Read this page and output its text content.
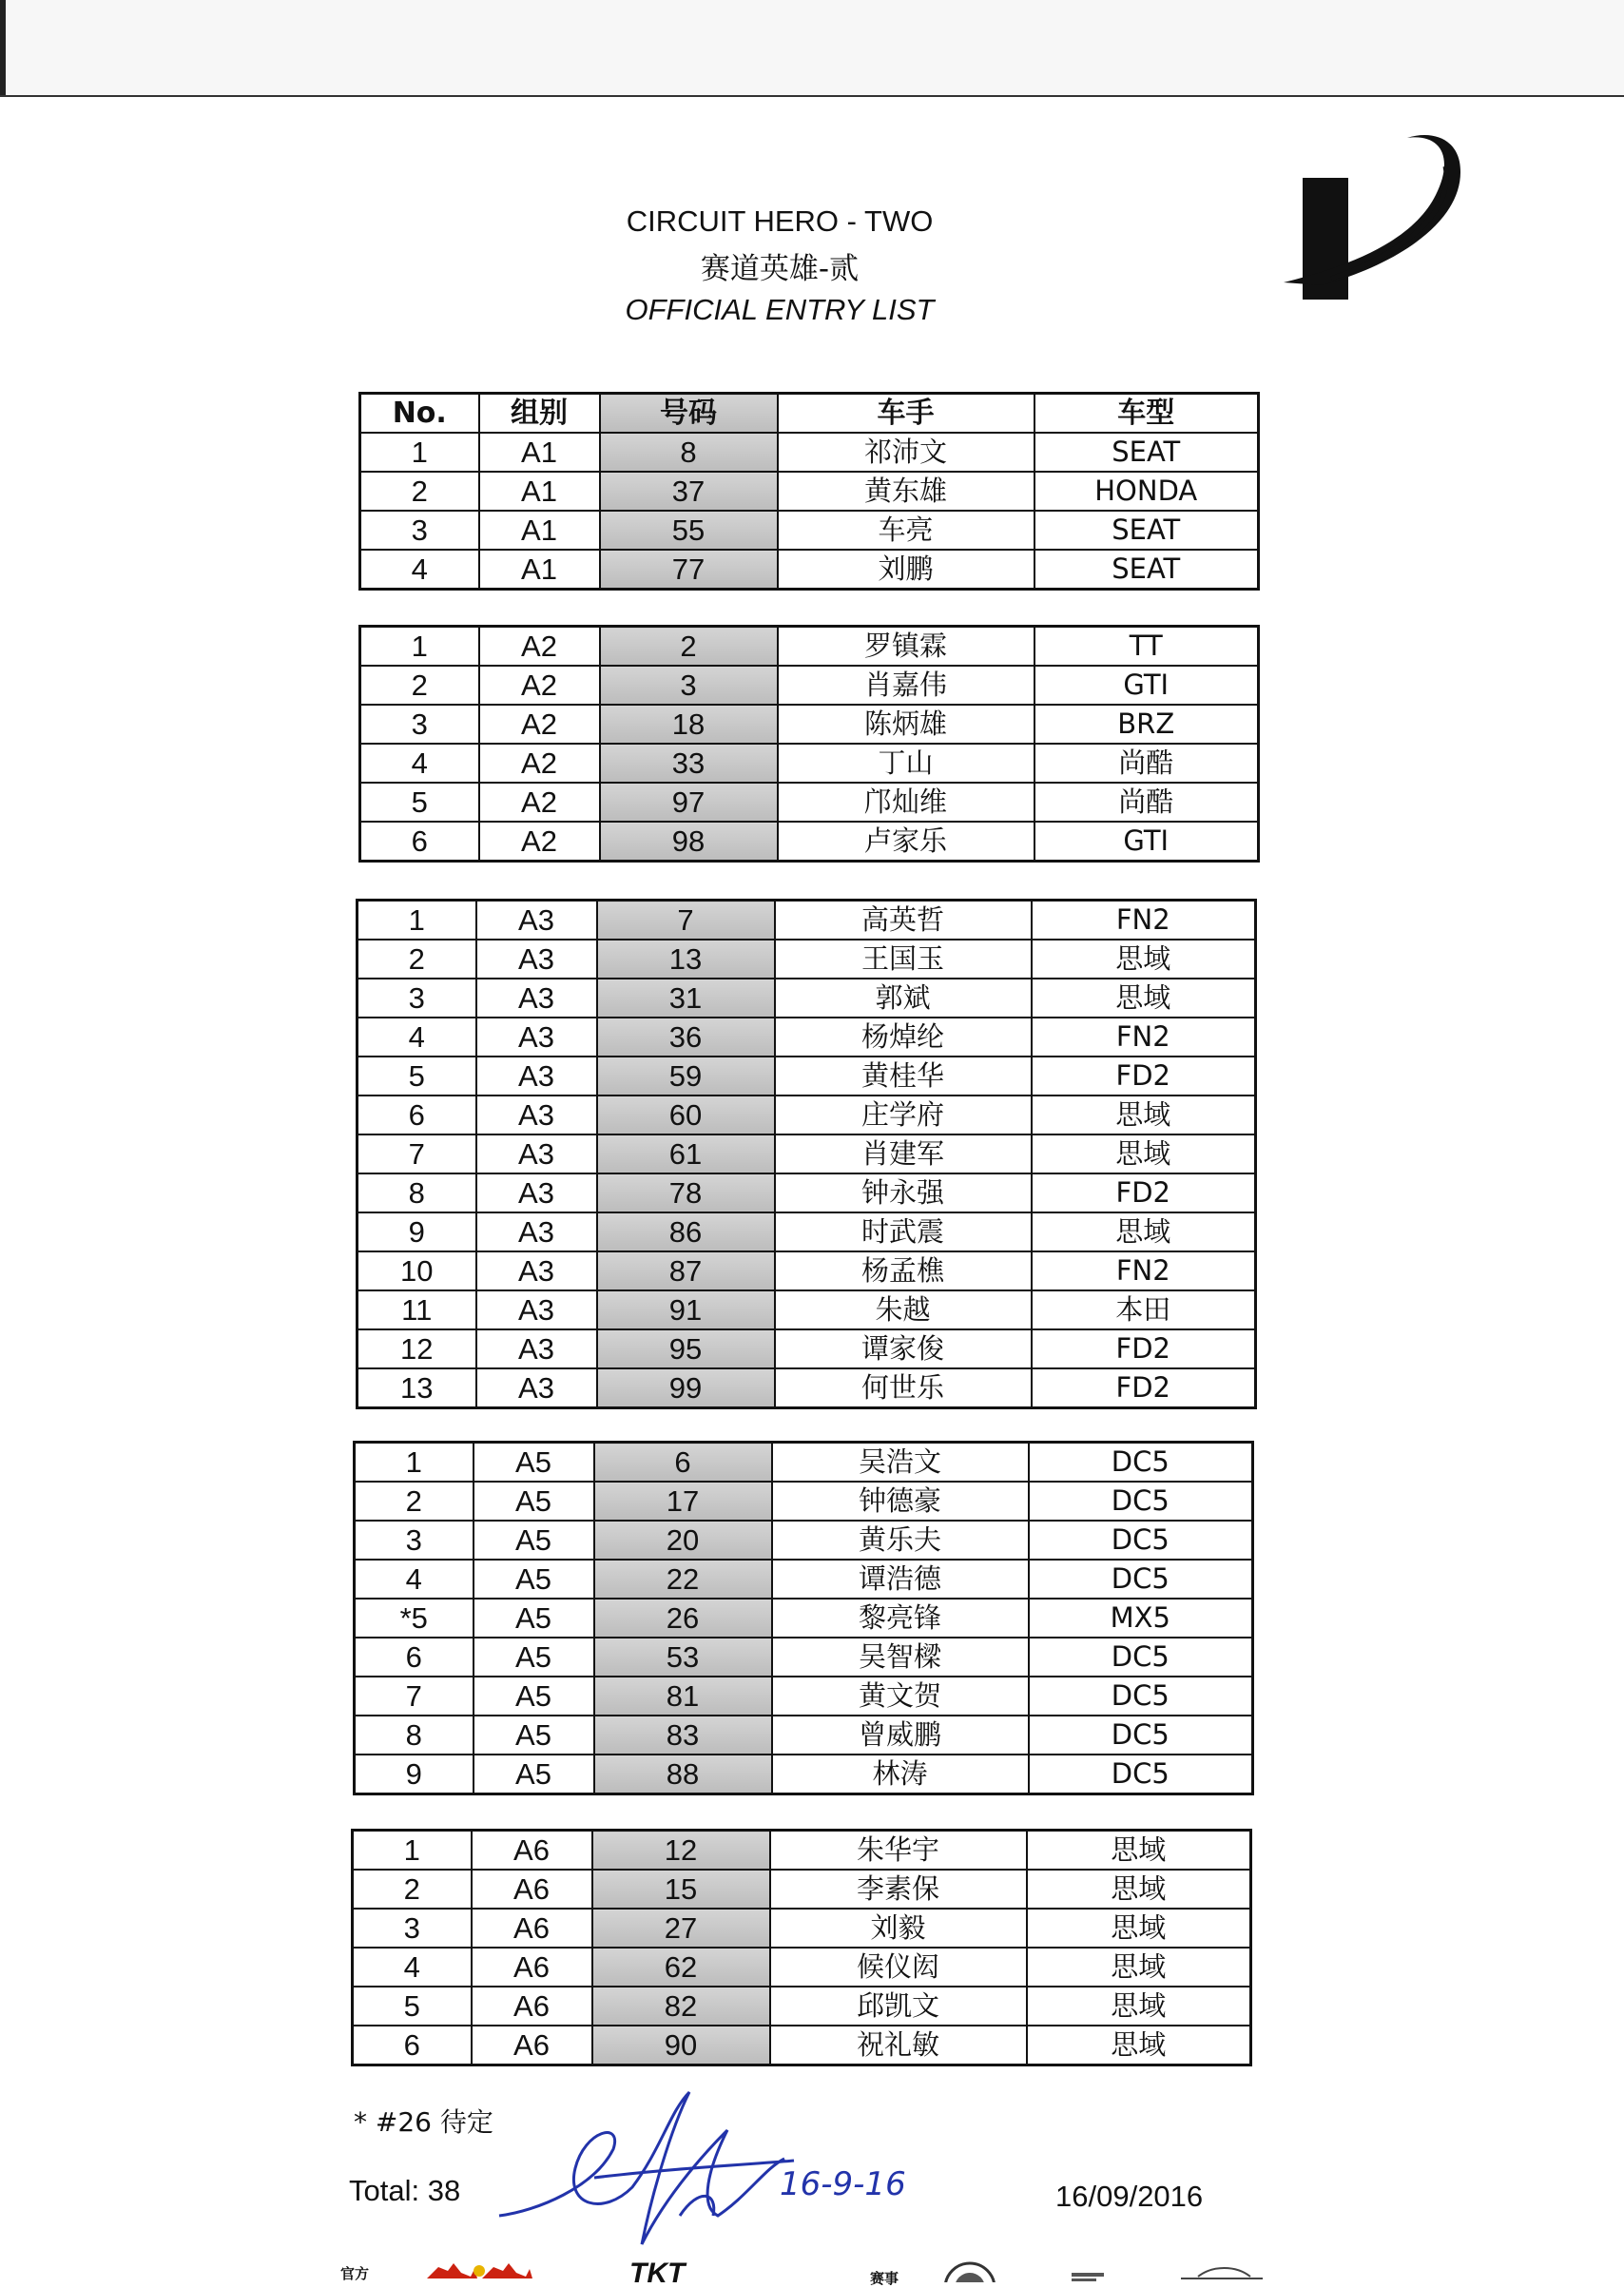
CIRCUIT HERO - TWO
赛道英雄-贰
OFFICIAL ENTRY LIST
No.	组别	号码	车手	车型
1	A1	8	祁沛文	SEAT
2	A1	37	黄东雄	HONDA
3	A1	55	车亮	SEAT
4	A1	77	刘鹏	SEAT
1	A2	2	罗镇霖	TT
2	A2	3	肖嘉伟	GTI
3	A2	18	陈炳雄	BRZ
4	A2	33	丁山	尚酷
5	A2	97	邝灿维	尚酷
6	A2	98	卢家乐	GTI
1	A3	7	高英哲	FN2
2	A3	13	王国玉	思域
3	A3	31	郭斌	思域
4	A3	36	杨焯纶	FN2
5	A3	59	黄桂华	FD2
6	A3	60	庄学府	思域
7	A3	61	肖建军	思域
8	A3	78	钟永强	FD2
9	A3	86	时武震	思域
10	A3	87	杨孟樵	FN2
11	A3	91	朱越	本田
12	A3	95	谭家俊	FD2
13	A3	99	何世乐	FD2
1	A5	6	吴浩文	DC5
2	A5	17	钟德豪	DC5
3	A5	20	黄乐夫	DC5
4	A5	22	谭浩德	DC5
*5	A5	26	黎亮锋	MX5
6	A5	53	吴智樑	DC5
7	A5	81	黄文贺	DC5
8	A5	83	曾威鹏	DC5
9	A5	88	林涛	DC5
1	A6	12	朱华宇	思域
2	A6	15	李素保	思域
3	A6	27	刘毅	思域
4	A6	62	候仪闳	思域
5	A6	82	邱凯文	思域
6	A6	90	祝礼敏	思域
* #26 待定
Total: 38	16/09/2016
16-9-16
官方	TKT	赛事
